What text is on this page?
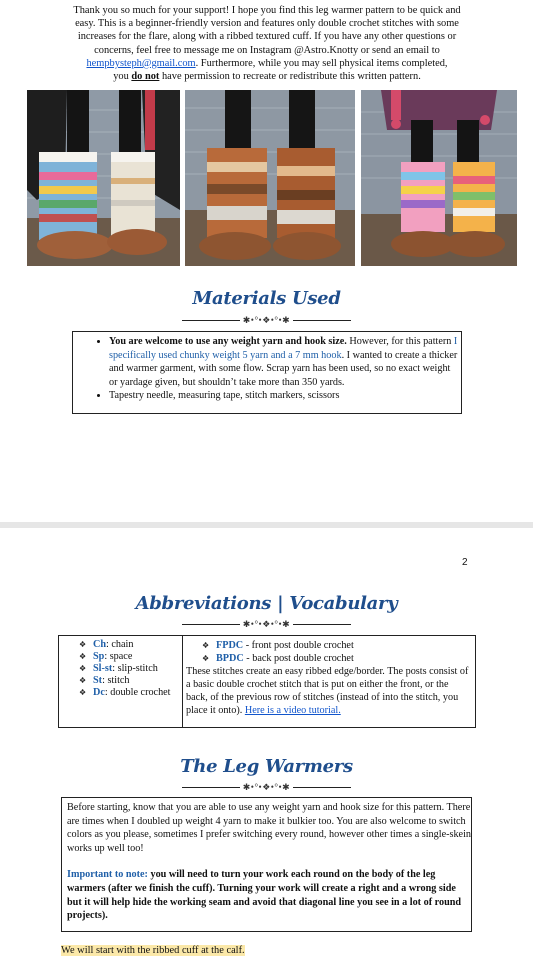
Thank you so much for your support! I hope you find this leg warmer pattern to be quick and
easy. This is a beginner-friendly version and features only double crochet stitches with some
increases for the flare, along with a ribbed textured cuff. If you have any other questions or
concerns, feel free to message me on Instagram @Astro.Knotty or send an email to
hempbysteph@gmail.com. Furthermore, while you may sell physical items completed,
you do not have permission to recreate or redistribute this written pattern.
Materials Used
✱•°•❖•°•✱
• You are welcome to use any weight yarn and hook size. However, for this pattern I specifically used chunky weight 5 yarn and a 7 mm hook. I wanted to create a thicker and warmer garment, with some flow. Scrap yarn has been used, so no exact weight or yardage given, but shouldn’t take more than 350 yards.
• Tapestry needle, measuring tape, stitch markers, scissors
2
Abbreviations | Vocabulary
✱•°•❖•°•✱
❖ Ch: chain
❖ Sp: space
❖ Sl-st: slip-stitch
❖ St: stitch
❖ Dc: double crochet
❖ FPDC - front post double crochet
❖ BPDC - back post double crochet
These stitches create an easy ribbed edge/border. The posts consist of a basic double crochet stitch that is put on either the front, or the back, of the previous row of stitches (instead of into the stitch, you place it onto). Here is a video tutorial.
The Leg Warmers
✱•°•❖•°•✱
Before starting, know that you are able to use any weight yarn and hook size for this pattern. There are times when I doubled up weight 4 yarn to make it bulkier too. You are also welcome to switch colors as you please, sometimes I prefer switching every round, however other times a single-skein works up well too!
Important to note: you will need to turn your work each round on the body of the leg warmers (after we finish the cuff). Turning your work will create a right and a wrong side but it will help hide the working seam and avoid that diagonal line you see in a lot of round projects).
We will start with the ribbed cuff at the calf.
